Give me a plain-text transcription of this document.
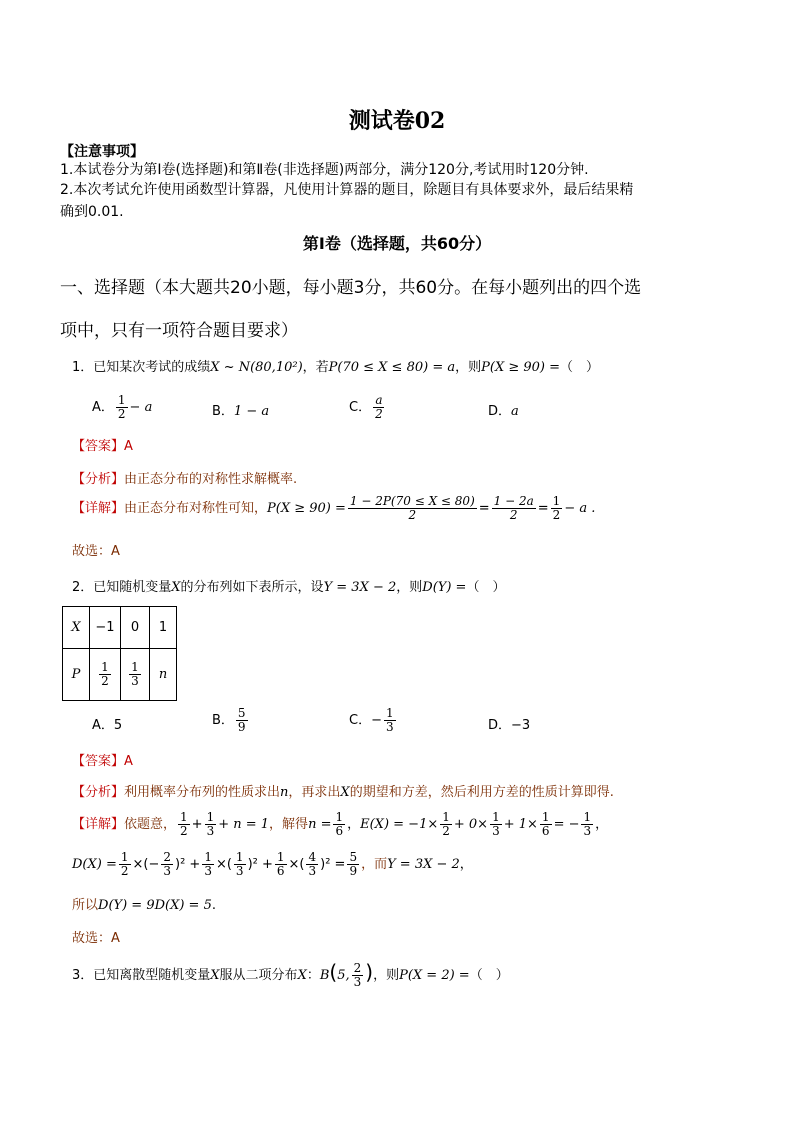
测试卷02
【注意事项】
1.本试卷分为第Ⅰ卷(选择题)和第Ⅱ卷(非选择题)两部分，满分120分,考试用时120分钟.
2.本次考试允许使用函数型计算器，凡使用计算器的题目，除题目有具体要求外，最后结果精
确到0.01.
第Ⅰ卷（选择题，共60分）
一、选择题（本大题共20小题，每小题3分，共60分。在每小题列出的四个选
项中，只有一项符合题目要求）
1．已知某次考试的成绩X ~ N(80,10²)，若P(70 ≤ X ≤ 80) = a，则P(X ≥ 90) =（　）
A． $\frac{1}{2} - a$	B．1 − a	C． $\frac{a}{2}$	D．a
【答案】A
【分析】由正态分布的对称性求解概率.
【详解】由正态分布对称性可知，$P(X \ge 90) = \frac{1 - 2P(70 \le X \le 80)}{2} = \frac{1 - 2a}{2} = \frac{1}{2} - a$ .
故选：A
2．已知随机变量X的分布列如下表所示，设Y = 3X − 2，则D(Y) =（　）
X	−1	0	1
P	$\frac{1}{2}$	$\frac{1}{3}$	n
A．5	B． $\frac{5}{9}$	C．− $\frac{1}{3}$	D．−3
【答案】A
【分析】利用概率分布列的性质求出n，再求出X的期望和方差，然后利用方差的性质计算即得.
【详解】依题意， $\frac{1}{2} + \frac{1}{3} + n = 1$，解得$n = \frac{1}{6}$ ，$E(X) = -1\times \frac{1}{2} + 0\times \frac{1}{3} + 1\times \frac{1}{6}$ = − $\frac{1}{3}$ ，
$D(X) = \frac{1}{2}$ ×(− $\frac{2}{3} )^2 + \frac{1}{3}$ ×( $\frac{1}{3} )^2 + \frac{1}{6}$ ×( $\frac{4}{3} )^2 = \frac{5}{9}$ ，而Y = 3X − 2，
所以D(Y) = 9D(X) = 5.
故选：A
3．已知离散型随机变量X服从二项分布X：B(5, $\frac{2}{3}$ )，则P(X = 2) =（　）
